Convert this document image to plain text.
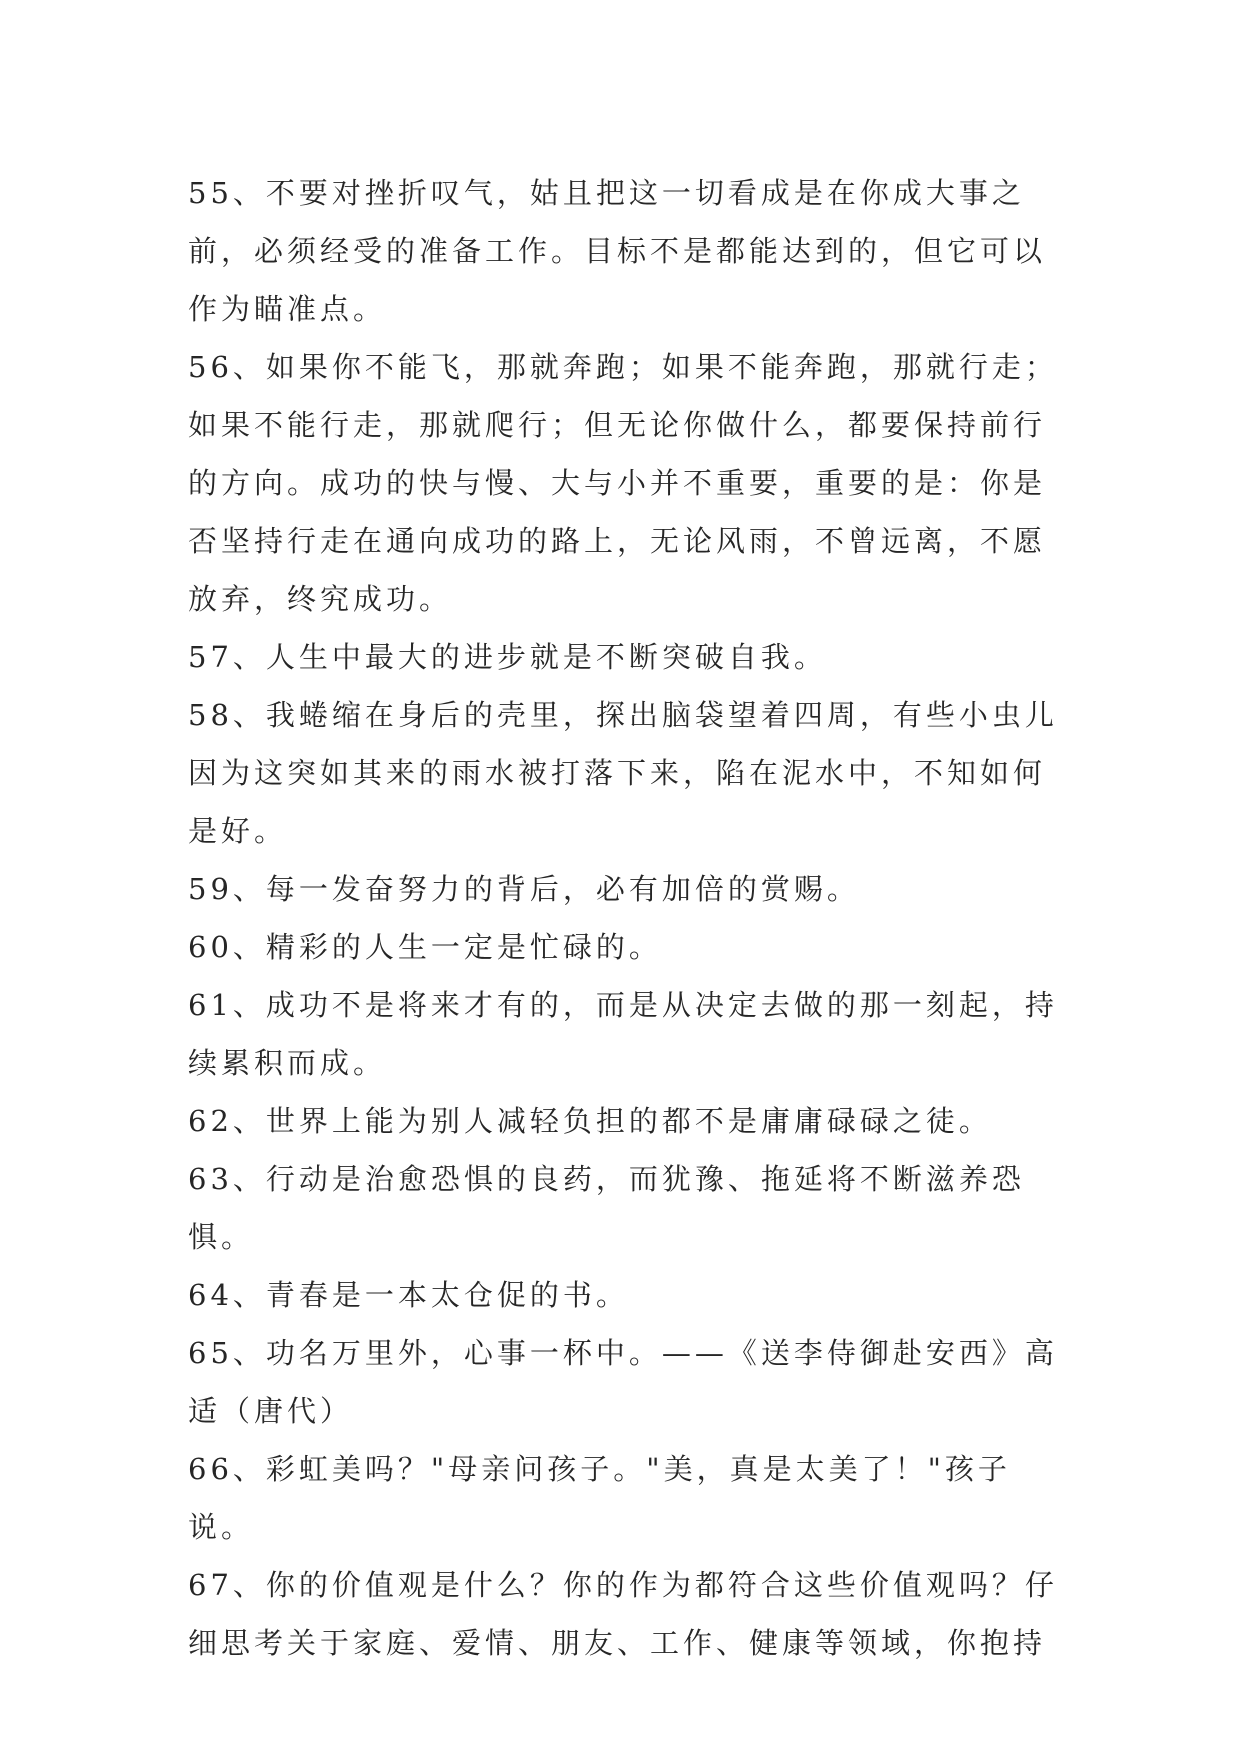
55、不要对挫折叹气，姑且把这一切看成是在你成大事之前，必须经受的准备工作。目标不是都能达到的，但它可以作为瞄准点。

56、如果你不能飞，那就奔跑；如果不能奔跑，那就行走；如果不能行走，那就爬行；但无论你做什么，都要保持前行的方向。成功的快与慢、大与小并不重要，重要的是：你是否坚持行走在通向成功的路上，无论风雨，不曾远离，不愿放弃，终究成功。

57、人生中最大的进步就是不断突破自我。

58、我蜷缩在身后的壳里，探出脑袋望着四周，有些小虫儿因为这突如其来的雨水被打落下来，陷在泥水中，不知如何是好。

59、每一发奋努力的背后，必有加倍的赏赐。

60、精彩的人生一定是忙碌的。

61、成功不是将来才有的，而是从决定去做的那一刻起，持续累积而成。

62、世界上能为别人减轻负担的都不是庸庸碌碌之徒。

63、行动是治愈恐惧的良药，而犹豫、拖延将不断滋养恐惧。

64、青春是一本太仓促的书。

65、功名万里外，心事一杯中。——《送李侍御赴安西》高适（唐代）

66、彩虹美吗？"母亲问孩子。"美，真是太美了！"孩子说。

67、你的价值观是什么？你的作为都符合这些价值观吗？仔细思考关于家庭、爱情、朋友、工作、健康等领域，你抱持
